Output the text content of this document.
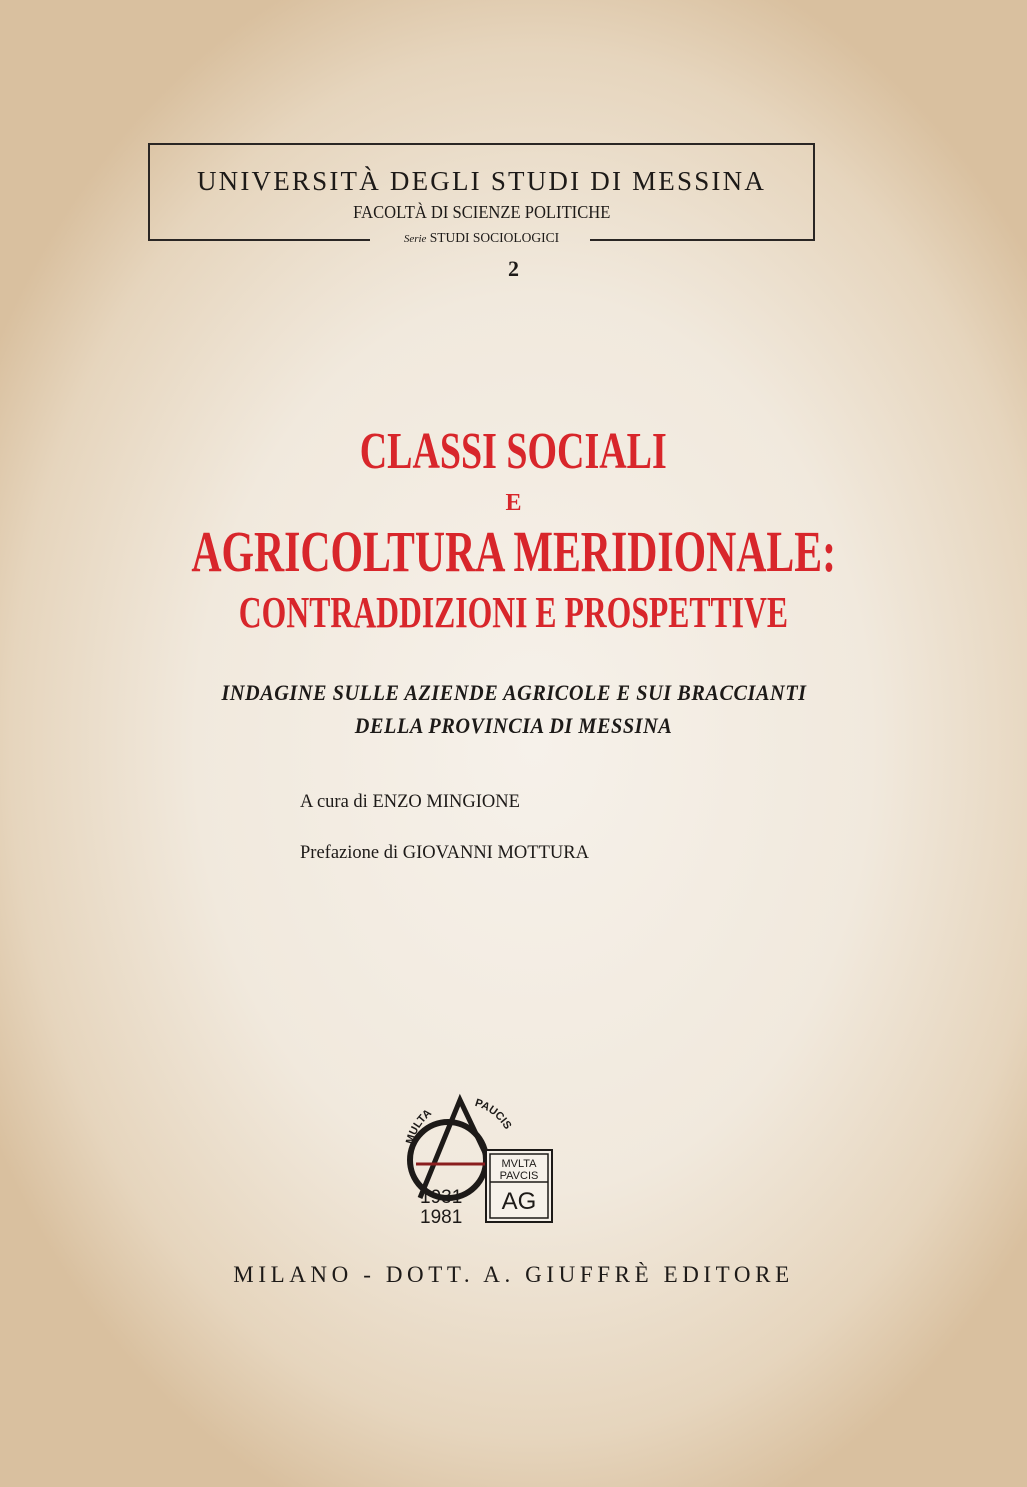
UNIVERSITÀ DEGLI STUDI DI MESSINA
FACOLTÀ DI SCIENZE POLITICHE
Serie STUDI SOCIOLOGICI
2
CLASSI SOCIALI
E
AGRICOLTURA MERIDIONALE:
CONTRADDIZIONI E PROSPETTIVE
INDAGINE SULLE AZIENDE AGRICOLE E SUI BRACCIANTI
DELLA PROVINCIA DI MESSINA
A cura di ENZO MINGIONE
Prefazione di GIOVANNI MOTTURA
MULTA
PAUCIS
1931
1981
MVLTA
PAVCIS
AG
MILANO - DOTT. A. GIUFFRÈ EDITORE
